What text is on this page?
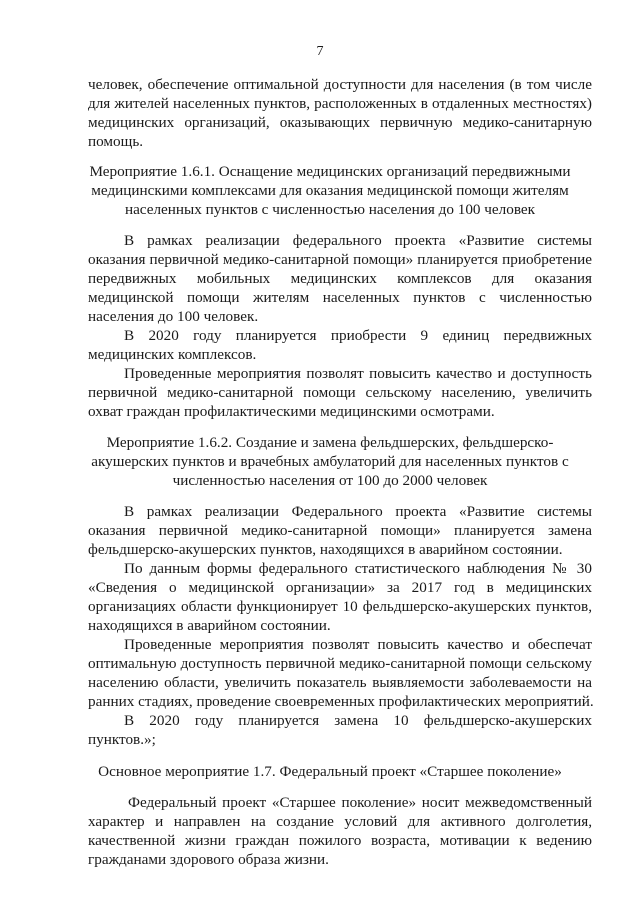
7
человек, обеспечение оптимальной доступности для населения (в том числе
для жителей населенных пунктов, расположенных в отдаленных местностях)
медицинских организаций, оказывающих первичную медико-санитарную
помощь.
Мероприятие 1.6.1. Оснащение медицинских организаций передвижными
медицинскими комплексами для оказания медицинской помощи жителям
населенных пунктов с численностью населения до 100 человек
В рамках реализации федерального проекта «Развитие системы
оказания первичной медико-санитарной помощи» планируется приобретение
передвижных мобильных медицинских комплексов для оказания
медицинской помощи жителям населенных пунктов с численностью
населения до 100 человек.
В 2020 году планируется приобрести 9 единиц передвижных
медицинских комплексов.
Проведенные мероприятия позволят повысить качество и доступность
первичной медико-санитарной помощи сельскому населению, увеличить
охват граждан профилактическими медицинскими осмотрами.
Мероприятие 1.6.2. Создание и замена фельдшерских, фельдшерско-
акушерских пунктов и врачебных амбулаторий для населенных пунктов с
численностью населения от 100 до 2000 человек
В рамках реализации Федерального проекта «Развитие системы
оказания первичной медико-санитарной помощи» планируется замена
фельдшерско-акушерских пунктов, находящихся в аварийном состоянии.
По данным формы федерального статистического наблюдения № 30
«Сведения о медицинской организации» за 2017 год в медицинских
организациях области функционирует 10 фельдшерско-акушерских пунктов,
находящихся в аварийном состоянии.
Проведенные мероприятия позволят повысить качество и обеспечат
оптимальную доступность первичной медико-санитарной помощи сельскому
населению области, увеличить показатель выявляемости заболеваемости на
ранних стадиях, проведение своевременных профилактических мероприятий.
В 2020 году планируется замена 10 фельдшерско-акушерских
пунктов.»;
Основное мероприятие 1.7. Федеральный проект «Старшее поколение»
Федеральный проект «Старшее поколение» носит межведомственный
характер и направлен на создание условий для активного долголетия,
качественной жизни граждан пожилого возраста, мотивации к ведению
гражданами здорового образа жизни.
